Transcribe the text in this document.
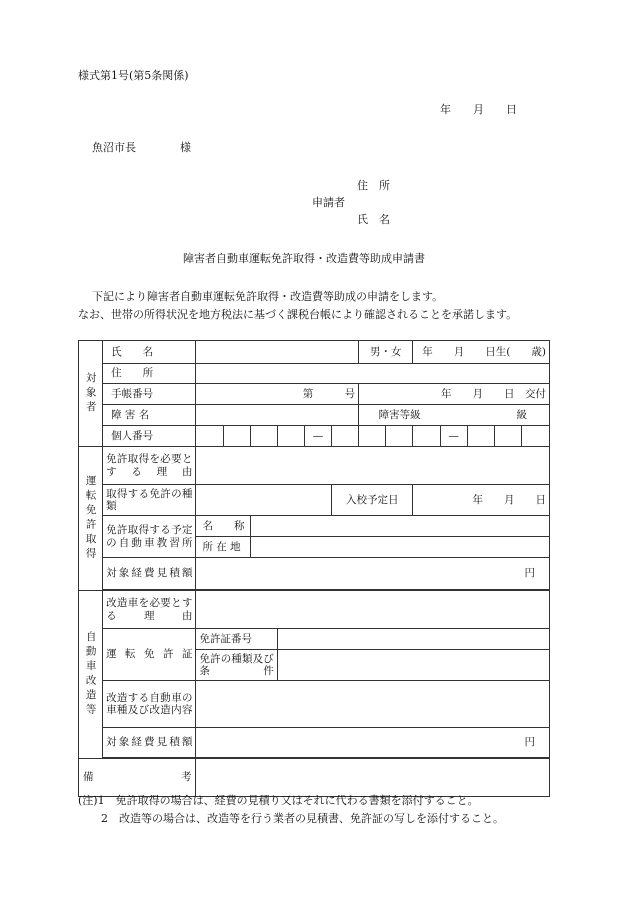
様式第1号(第5条関係)
年　　月　　日
魚沼市長　　　　様
住　所
申請者
氏　名
障害者自動車運転免許取得・改造費等助成申請書
下記により障害者自動車運転免許取得・改造費等助成の申請をします。
なお、世帯の所得状況を地方税法に基づく課税台帳により確認されることを承諾します。
対象者	氏　　名							男・女		年　　月　　日生(　　歳)				
	住　　所													
	手帳番号	第　　　号						年　　月　　日　交付						
	障 害 名							障害等級			級			
	個人番号					—					—			
運転免許取得	免許取得を必要とする理由													
	取得する免許の種類						入校予定日			年　　月　　日				
	免許取得する予定の自動車教習所	名　　称												
		所 在 地												
	対象経費見積額	円												

自動車改造等	改造車を必要とする理由													
	運転免許証	免許証番号												
		免許の種類及び条件												
	改造する自動車の車種及び改造内容													
	対象経費見積額	円												

備　　　　　考														
(注)1　免許取得の場合は、経費の見積り又はそれに代わる書類を添付すること。
2　改造等の場合は、改造等を行う業者の見積書、免許証の写しを添付すること。
